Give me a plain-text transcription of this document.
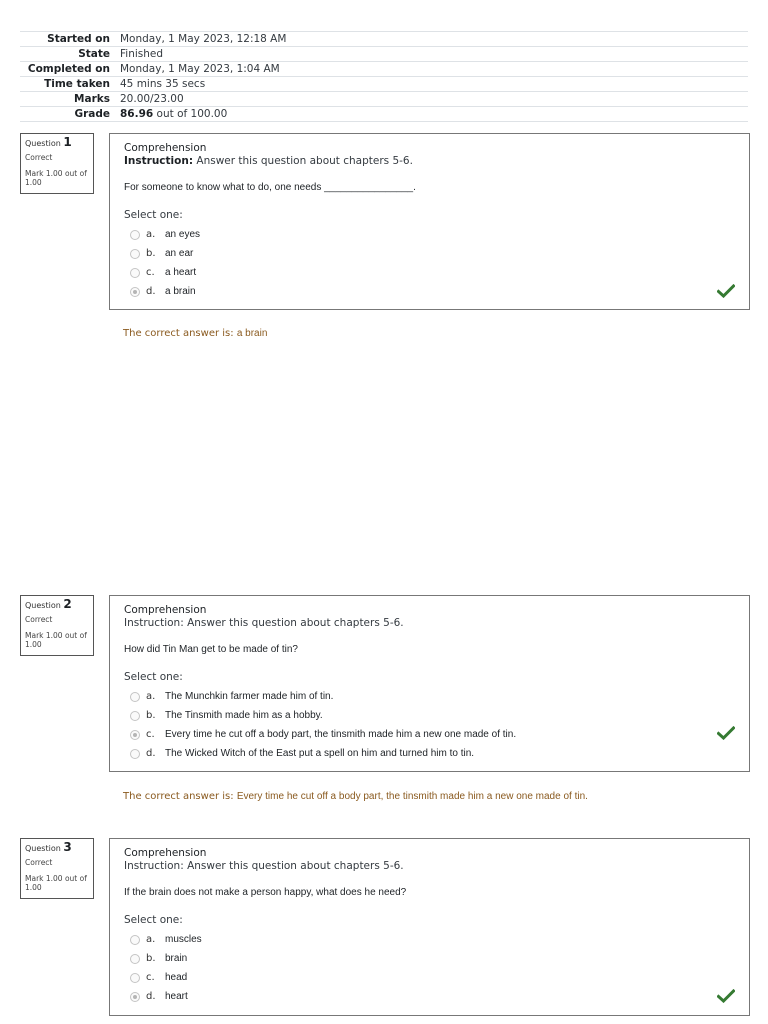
Started on	Monday, 1 May 2023, 12:18 AM
State	Finished
Completed on	Monday, 1 May 2023, 1:04 AM
Time taken	45 mins 35 secs
Marks	20.00/23.00
Grade	86.96 out of 100.00
Question 1
Correct
Mark 1.00 out of 1.00
Comprehension
Instruction: Answer this question about chapters 5-6.
For someone to know what to do, one needs ________________.
Select one:
a. an eyes
b. an ear
c.	a heart
d. a brain
The correct answer is: a brain
Question 2
Correct
Mark 1.00 out of 1.00
Comprehension
Instruction: Answer this question about chapters 5-6.
How did Tin Man get to be made of tin?
Select one:
a. The Munchkin farmer made him of tin.
b. The Tinsmith made him as a hobby.
c.	Every time he cut off a body part, the tinsmith made him a new one made of tin.
d. The Wicked Witch of the East put a spell on him and turned him to tin.
The correct answer is: Every time he cut off a body part, the tinsmith made him a new one made of tin.
Question 3
Correct
Mark 1.00 out of 1.00
Comprehension
Instruction: Answer this question about chapters 5-6.
If the brain does not make a person happy, what does he need?
Select one:
a. muscles
b. brain
c.	head
d. heart
